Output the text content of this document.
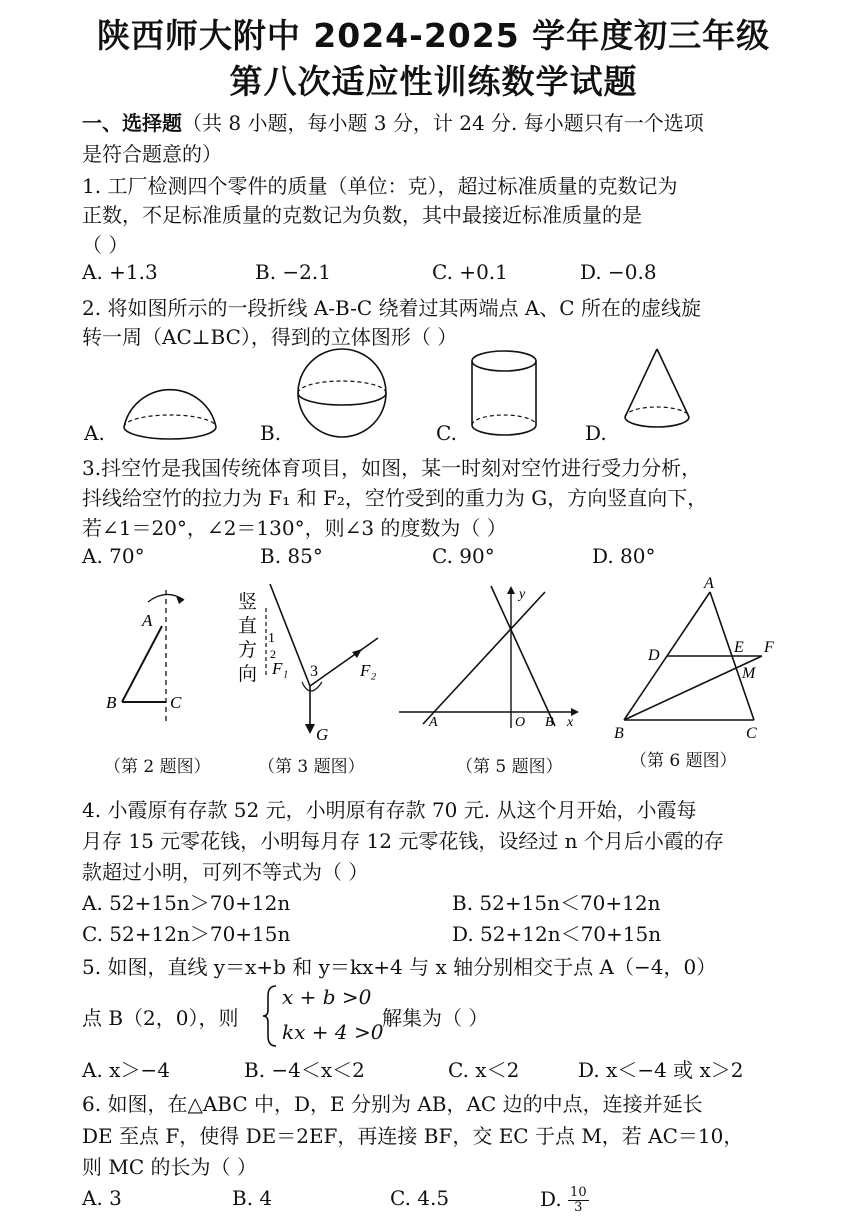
陕西师大附中 2024-2025 学年度初三年级
第八次适应性训练数学试题
一、选择题（共 8 小题，每小题 3 分，计 24 分. 每小题只有一个选项
是符合题意的）
1. 工厂检测四个零件的质量（单位：克），超过标准质量的克数记为
正数，不足标准质量的克数记为负数，其中最接近标准质量的是
（ ）
A. +1.3	B. −2.1	C. +0.1	D. −0.8
2. 将如图所示的一段折线 A-B-C 绕着过其两端点 A、C 所在的虚线旋
转一周（AC⊥BC），得到的立体图形（ ）
A.	B.	C.	D.
3.抖空竹是我国传统体育项目，如图，某一时刻对空竹进行受力分析，
抖线给空竹的拉力为 F₁ 和 F₂，空竹受到的重力为 G，方向竖直向下，
若∠1＝20°，∠2＝130°，则∠3 的度数为（ ）
A. 70°	B. 85°	C. 90°	D. 80°
A
B	C
竖
直
方
向
1
2
3
F₁	F₂
G
y
A	O B x
A
D	E F
M
B	C
（第 2 题图）	（第 3 题图）	（第 5 题图）	（第 6 题图）
4. 小霞原有存款 52 元，小明原有存款 70 元. 从这个月开始，小霞每
月存 15 元零花钱，小明每月存 12 元零花钱，设经过 n 个月后小霞的存
款超过小明，可列不等式为（ ）
A. 52+15n＞70+12n	B. 52+15n＜70+12n
C. 52+12n＞70+15n	D. 52+12n＜70+15n
5. 如图，直线 y＝x+b 和 y＝kx+4 与 x 轴分别相交于点 A（−4，0）
点 B（2，0），则
x + b >0
kx + 4 >0
解集为（ ）
A. x＞−4	B. −4＜x＜2	C. x＜2	D. x＜−4 或 x＞2
6. 如图，在△ABC 中，D，E 分别为 AB，AC 边的中点，连接并延长
DE 至点 F，使得 DE＝2EF，再连接 BF，交 EC 于点 M，若 AC＝10，
则 MC 的长为（ ）
A. 3	B. 4	C. 4.5	D. $\frac{10}{3}$
